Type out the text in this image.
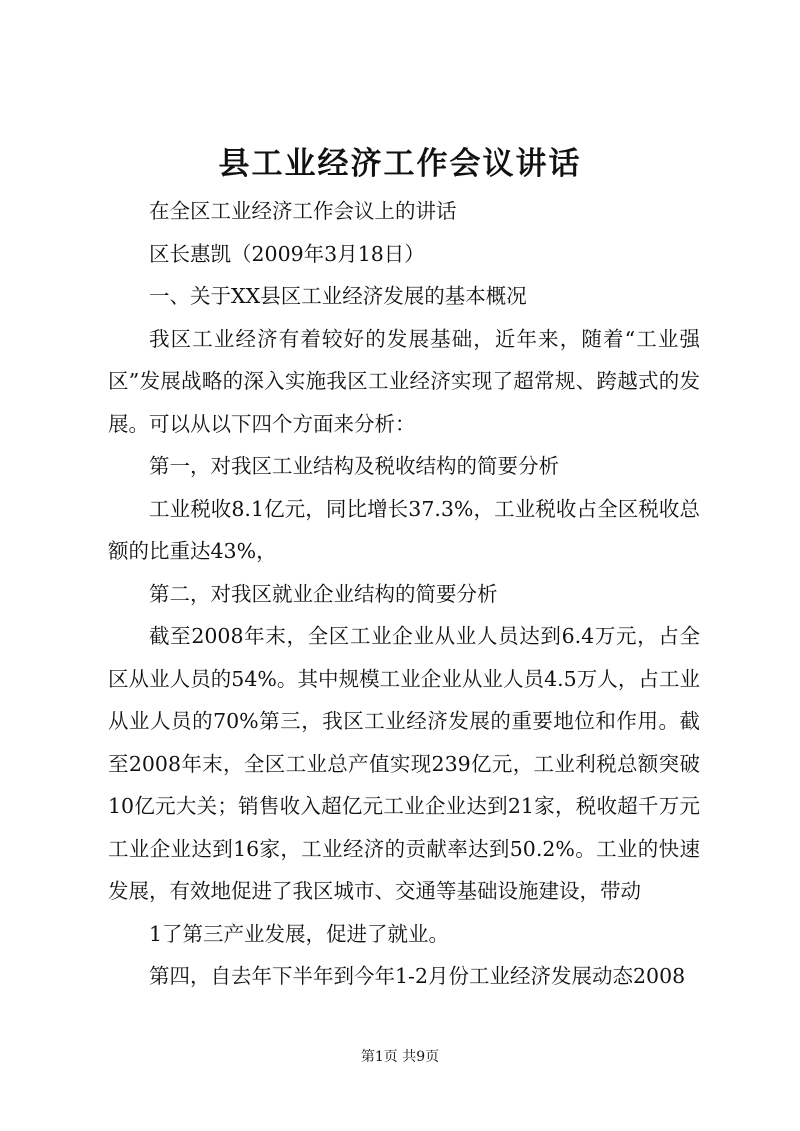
县工业经济工作会议讲话

在全区工业经济工作会议上的讲话

区长惠凯（2009年3月18日）

一、关于XX县区工业经济发展的基本概况

我区工业经济有着较好的发展基础，近年来，随着“工业强区”发展战略的深入实施我区工业经济实现了超常规、跨越式的发展。可以从以下四个方面来分析：

第一，对我区工业结构及税收结构的简要分析

工业税收8.1亿元，同比增长37.3%，工业税收占全区税收总额的比重达43%，

第二，对我区就业企业结构的简要分析

截至2008年末，全区工业企业从业人员达到6.4万元，占全区从业人员的54%。其中规模工业企业从业人员4.5万人，占工业从业人员的70%第三，我区工业经济发展的重要地位和作用。截至2008年末，全区工业总产值实现239亿元，工业利税总额突破10亿元大关；销售收入超亿元工业企业达到21家，税收超千万元工业企业达到16家，工业经济的贡献率达到50.2%。工业的快速发展，有效地促进了我区城市、交通等基础设施建设，带动

1了第三产业发展，促进了就业。

第四，自去年下半年到今年1-2月份工业经济发展动态2008

第1页 共9页
